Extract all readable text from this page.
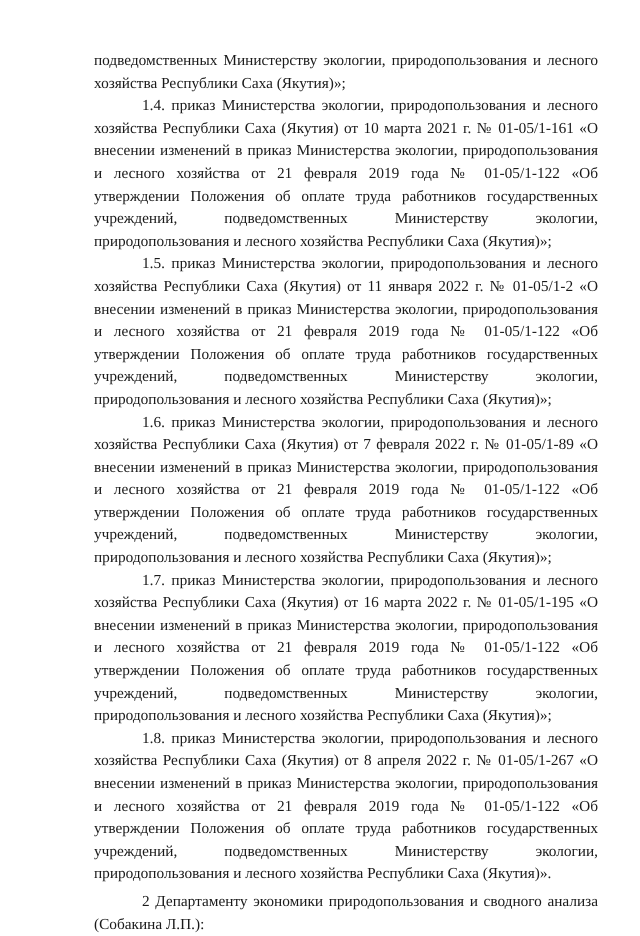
подведомственных Министерству экологии, природопользования и лесного хозяйства Республики Саха (Якутия)»;

1.4. приказ Министерства экологии, природопользования и лесного хозяйства Республики Саха (Якутия) от 10 марта 2021 г. № 01-05/1-161 «О внесении изменений в приказ Министерства экологии, природопользования и лесного хозяйства от 21 февраля 2019 года № 01-05/1-122 «Об утверждении Положения об оплате труда работников государственных учреждений, подведомственных Министерству экологии, природопользования и лесного хозяйства Республики Саха (Якутия)»;

1.5. приказ Министерства экологии, природопользования и лесного хозяйства Республики Саха (Якутия) от 11 января 2022 г. № 01-05/1-2 «О внесении изменений в приказ Министерства экологии, природопользования и лесного хозяйства от 21 февраля 2019 года № 01-05/1-122 «Об утверждении Положения об оплате труда работников государственных учреждений, подведомственных Министерству экологии, природопользования и лесного хозяйства Республики Саха (Якутия)»;

1.6. приказ Министерства экологии, природопользования и лесного хозяйства Республики Саха (Якутия) от 7 февраля 2022 г. № 01-05/1-89 «О внесении изменений в приказ Министерства экологии, природопользования и лесного хозяйства от 21 февраля 2019 года № 01-05/1-122 «Об утверждении Положения об оплате труда работников государственных учреждений, подведомственных Министерству экологии, природопользования и лесного хозяйства Республики Саха (Якутия)»;

1.7. приказ Министерства экологии, природопользования и лесного хозяйства Республики Саха (Якутия) от 16 марта 2022 г. № 01-05/1-195 «О внесении изменений в приказ Министерства экологии, природопользования и лесного хозяйства от 21 февраля 2019 года № 01-05/1-122 «Об утверждении Положения об оплате труда работников государственных учреждений, подведомственных Министерству экологии, природопользования и лесного хозяйства Республики Саха (Якутия)»;

1.8. приказ Министерства экологии, природопользования и лесного хозяйства Республики Саха (Якутия) от 8 апреля 2022 г. № 01-05/1-267 «О внесении изменений в приказ Министерства экологии, природопользования и лесного хозяйства от 21 февраля 2019 года № 01-05/1-122 «Об утверждении Положения об оплате труда работников государственных учреждений, подведомственных Министерству экологии, природопользования и лесного хозяйства Республики Саха (Якутия)».

2 Департаменту экономики природопользования и сводного анализа (Собакина Л.П.):
